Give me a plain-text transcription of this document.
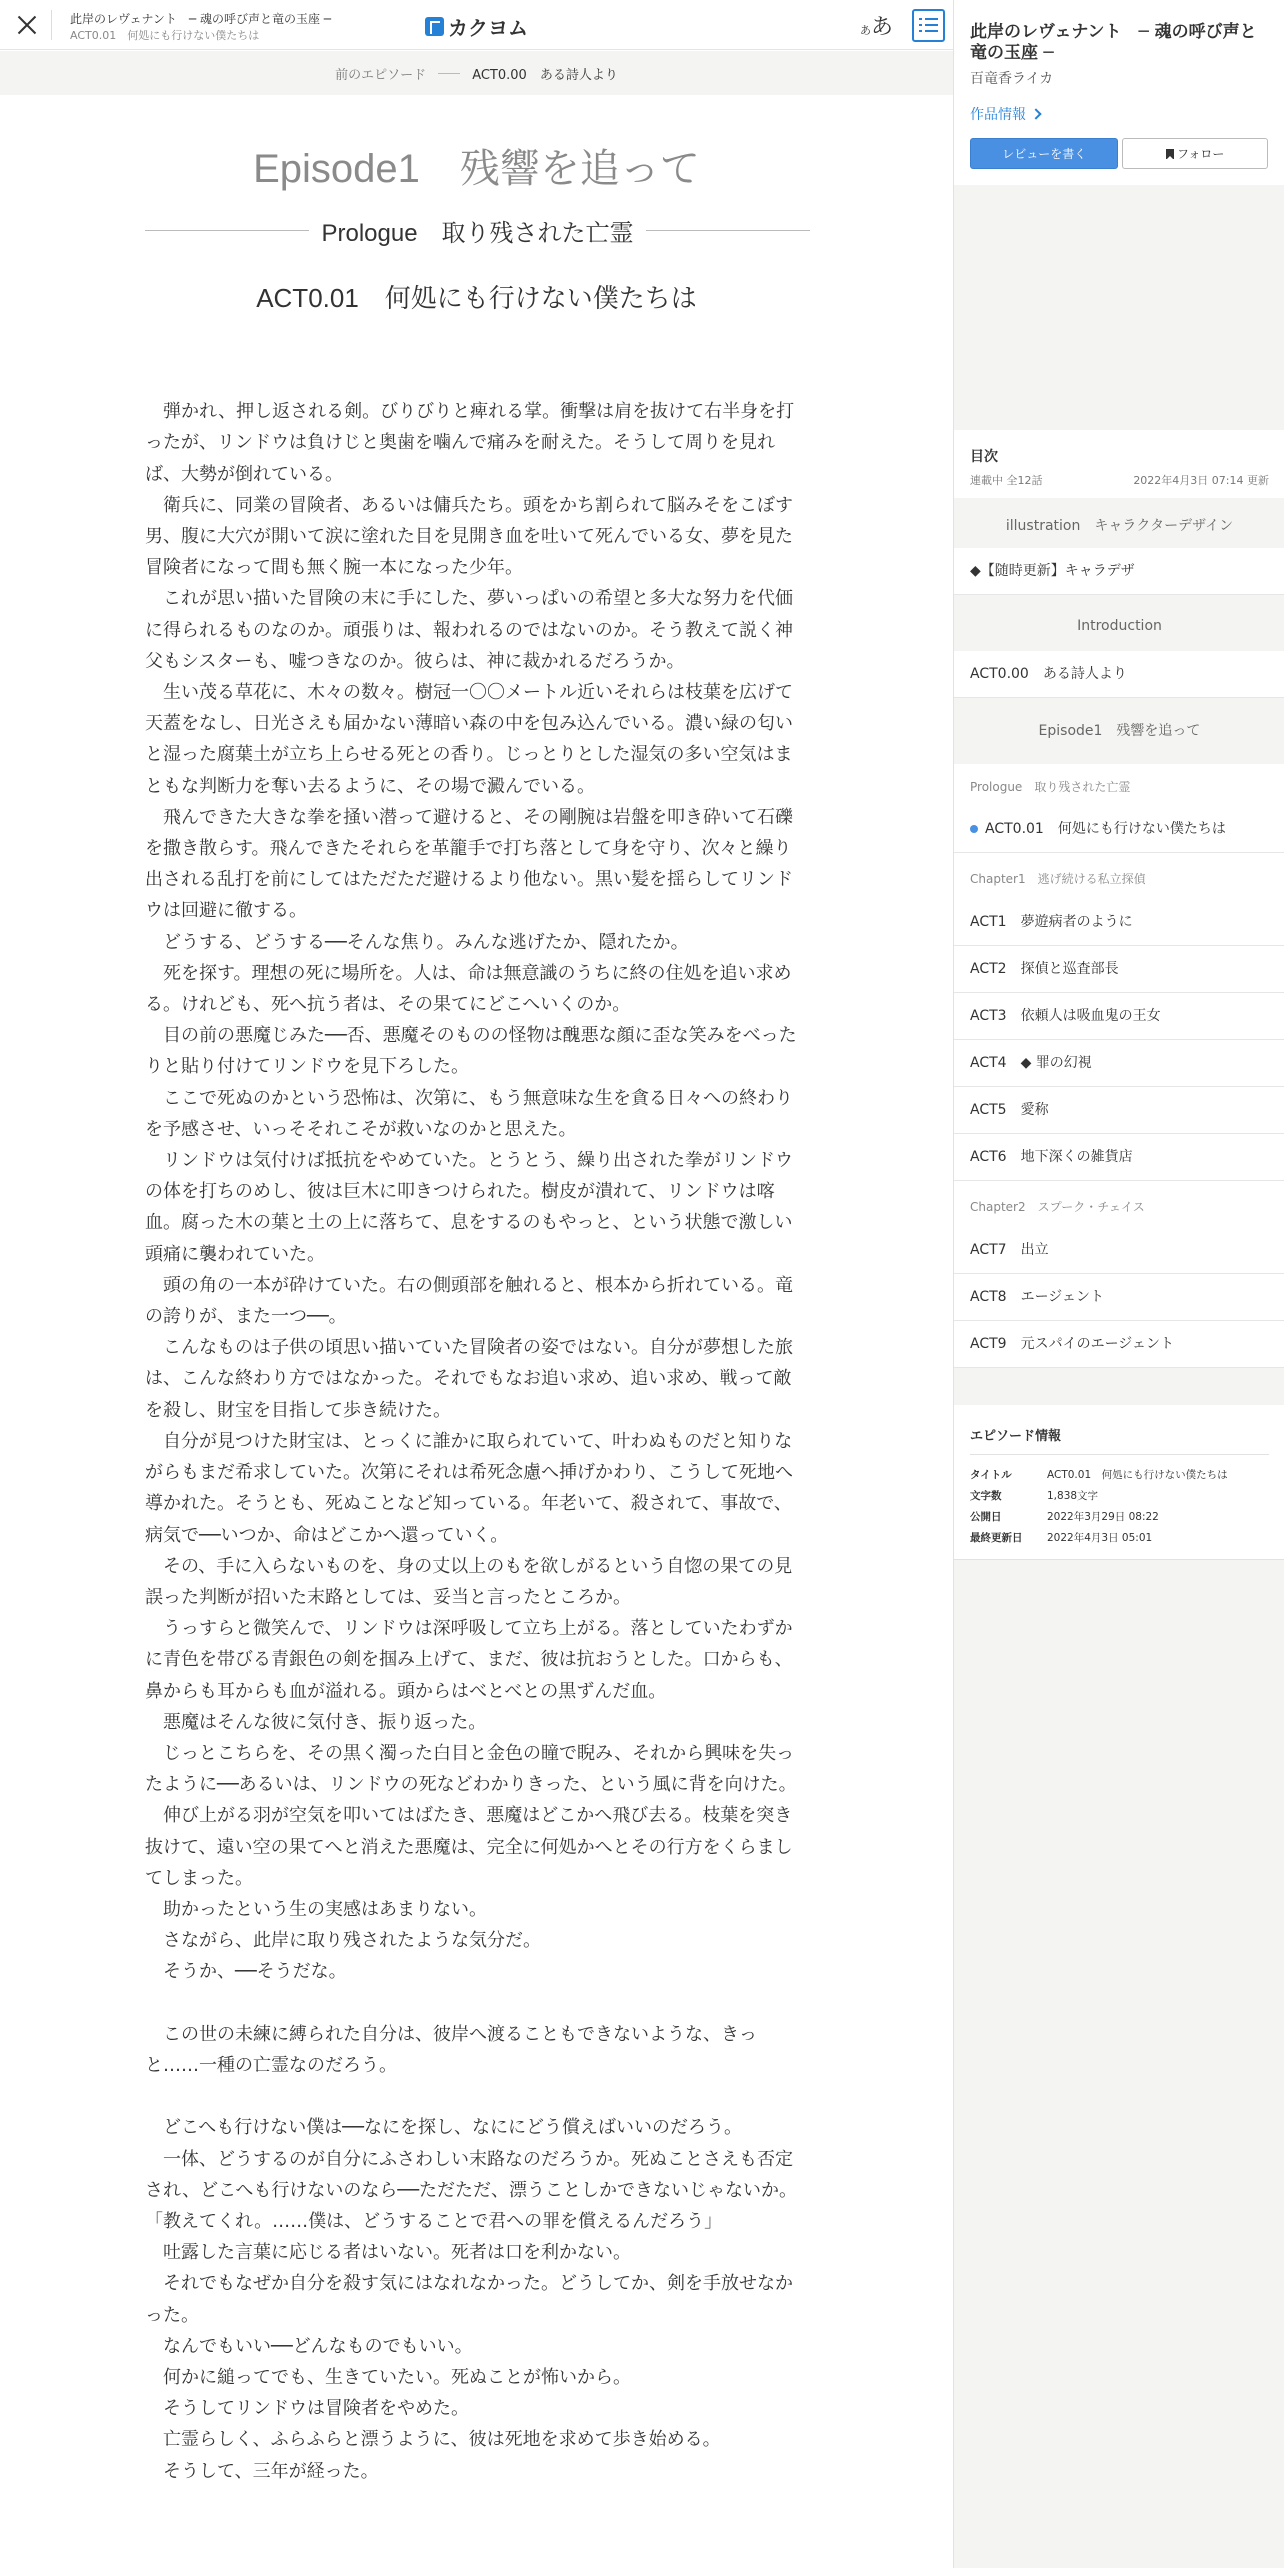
此岸のレヴェナント　─ 魂の呼び声と竜の玉座 ─
ACT0.01　何処にも行けない僕たちは	カクヨム	ああ
前のエピソード	ACT0.00　ある詩人より
Episode1　残響を追って
Prologue　取り残された亡霊
ACT0.01　何処にも行けない僕たちは

　弾かれ、押し返される剣。びりびりと痺れる掌。衝撃は肩を抜けて右半身を打ったが、リンドウは負けじと奥歯を噛んで痛みを耐えた。そうして周りを見れば、大勢が倒れている。

　衛兵に、同業の冒険者、あるいは傭兵たち。頭をかち割られて脳みそをこぼす男、腹に大穴が開いて涙に塗れた目を見開き血を吐いて死んでいる女、夢を見た冒険者になって間も無く腕一本になった少年。

　これが思い描いた冒険の末に手にした、夢いっぱいの希望と多大な努力を代価に得られるものなのか。頑張りは、報われるのではないのか。そう教えて説く神父もシスターも、嘘つきなのか。彼らは、神に裁かれるだろうか。

　生い茂る草花に、木々の数々。樹冠一〇〇メートル近いそれらは枝葉を広げて天蓋をなし、日光さえも届かない薄暗い森の中を包み込んでいる。濃い緑の匂いと湿った腐葉土が立ち上らせる死との香り。じっとりとした湿気の多い空気はまともな判断力を奪い去るように、その場で澱んでいる。

　飛んできた大きな拳を掻い潜って避けると、その剛腕は岩盤を叩き砕いて石礫を撒き散らす。飛んできたそれらを革籠手で打ち落として身を守り、次々と繰り出される乱打を前にしてはただただ避けるより他ない。黒い髪を揺らしてリンドウは回避に徹する。

　どうする、どうする──そんな焦り。みんな逃げたか、隠れたか。

　死を探す。理想の死に場所を。人は、命は無意識のうちに終の住処を追い求める。けれども、死へ抗う者は、その果てにどこへいくのか。

　目の前の悪魔じみた──否、悪魔そのものの怪物は醜悪な顔に歪な笑みをべったりと貼り付けてリンドウを見下ろした。

　ここで死ぬのかという恐怖は、次第に、もう無意味な生を貪る日々への終わりを予感させ、いっそそれこそが救いなのかと思えた。

　リンドウは気付けば抵抗をやめていた。とうとう、繰り出された拳がリンドウの体を打ちのめし、彼は巨木に叩きつけられた。樹皮が潰れて、リンドウは喀血。腐った木の葉と土の上に落ちて、息をするのもやっと、という状態で激しい頭痛に襲われていた。

　頭の角の一本が砕けていた。右の側頭部を触れると、根本から折れている。竜の誇りが、また一つ──。

　こんなものは子供の頃思い描いていた冒険者の姿ではない。自分が夢想した旅は、こんな終わり方ではなかった。それでもなお追い求め、追い求め、戦って敵を殺し、財宝を目指して歩き続けた。

　自分が見つけた財宝は、とっくに誰かに取られていて、叶わぬものだと知りながらもまだ希求していた。次第にそれは希死念慮へ挿げかわり、こうして死地へ導かれた。そうとも、死ぬことなど知っている。年老いて、殺されて、事故で、病気で──いつか、命はどこかへ還っていく。

　その、手に入らないものを、身の丈以上のもを欲しがるという自惚の果ての見誤った判断が招いた末路としては、妥当と言ったところか。

　うっすらと微笑んで、リンドウは深呼吸して立ち上がる。落としていたわずかに青色を帯びる青銀色の剣を掴み上げて、まだ、彼は抗おうとした。口からも、鼻からも耳からも血が溢れる。頭からはべとべとの黒ずんだ血。

　悪魔はそんな彼に気付き、振り返った。

　じっとこちらを、その黒く濁った白目と金色の瞳で睨み、それから興味を失ったように──あるいは、リンドウの死などわかりきった、という風に背を向けた。

　伸び上がる羽が空気を叩いてはばたき、悪魔はどこかへ飛び去る。枝葉を突き抜けて、遠い空の果てへと消えた悪魔は、完全に何処かへとその行方をくらましてしまった。

　助かったという生の実感はあまりない。

　さながら、此岸に取り残されたような気分だ。

　そうか、──そうだな。

　この世の未練に縛られた自分は、彼岸へ渡ることもできないような、きっと……一種の亡霊なのだろう。

　どこへも行けない僕は──なにを探し、なににどう償えばいいのだろう。

　一体、どうするのが自分にふさわしい末路なのだろうか。死ぬことさえも否定され、どこへも行けないのなら──ただただ、漂うことしかできないじゃないか。

「教えてくれ。……僕は、どうすることで君への罪を償えるんだろう」

　吐露した言葉に応じる者はいない。死者は口を利かない。

　それでもなぜか自分を殺す気にはなれなかった。どうしてか、剣を手放せなかった。

　なんでもいい──どんなものでもいい。

　何かに縋ってでも、生きていたい。死ぬことが怖いから。

　そうしてリンドウは冒険者をやめた。

　亡霊らしく、ふらふらと漂うように、彼は死地を求めて歩き始める。

　そうして、三年が経った。

此岸のレヴェナント　─ 魂の呼び声と竜の玉座 ─
百竜香ライカ
作品情報
レビューを書く	フォロー
目次
連載中 全12話	2022年4月3日 07:14 更新
illustration　キャラクターデザイン
◆【随時更新】キャラデザ
Introduction
ACT0.00　ある詩人より
Episode1　残響を追って
Prologue　取り残された亡霊
ACT0.01　何処にも行けない僕たちは
Chapter1　逃げ続ける私立探偵
ACT1　夢遊病者のように
ACT2　探偵と巡査部長
ACT3　依頼人は吸血鬼の王女
ACT4　◆ 罪の幻視
ACT5　愛称
ACT6　地下深くの雑貨店
Chapter2　スプーク・チェイス
ACT7　出立
ACT8　エージェント
ACT9　元スパイのエージェント
エピソード情報
タイトル	ACT0.01　何処にも行けない僕たちは
文字数	1,838文字
公開日	2022年3月29日 08:22
最終更新日	2022年4月3日 05:01
